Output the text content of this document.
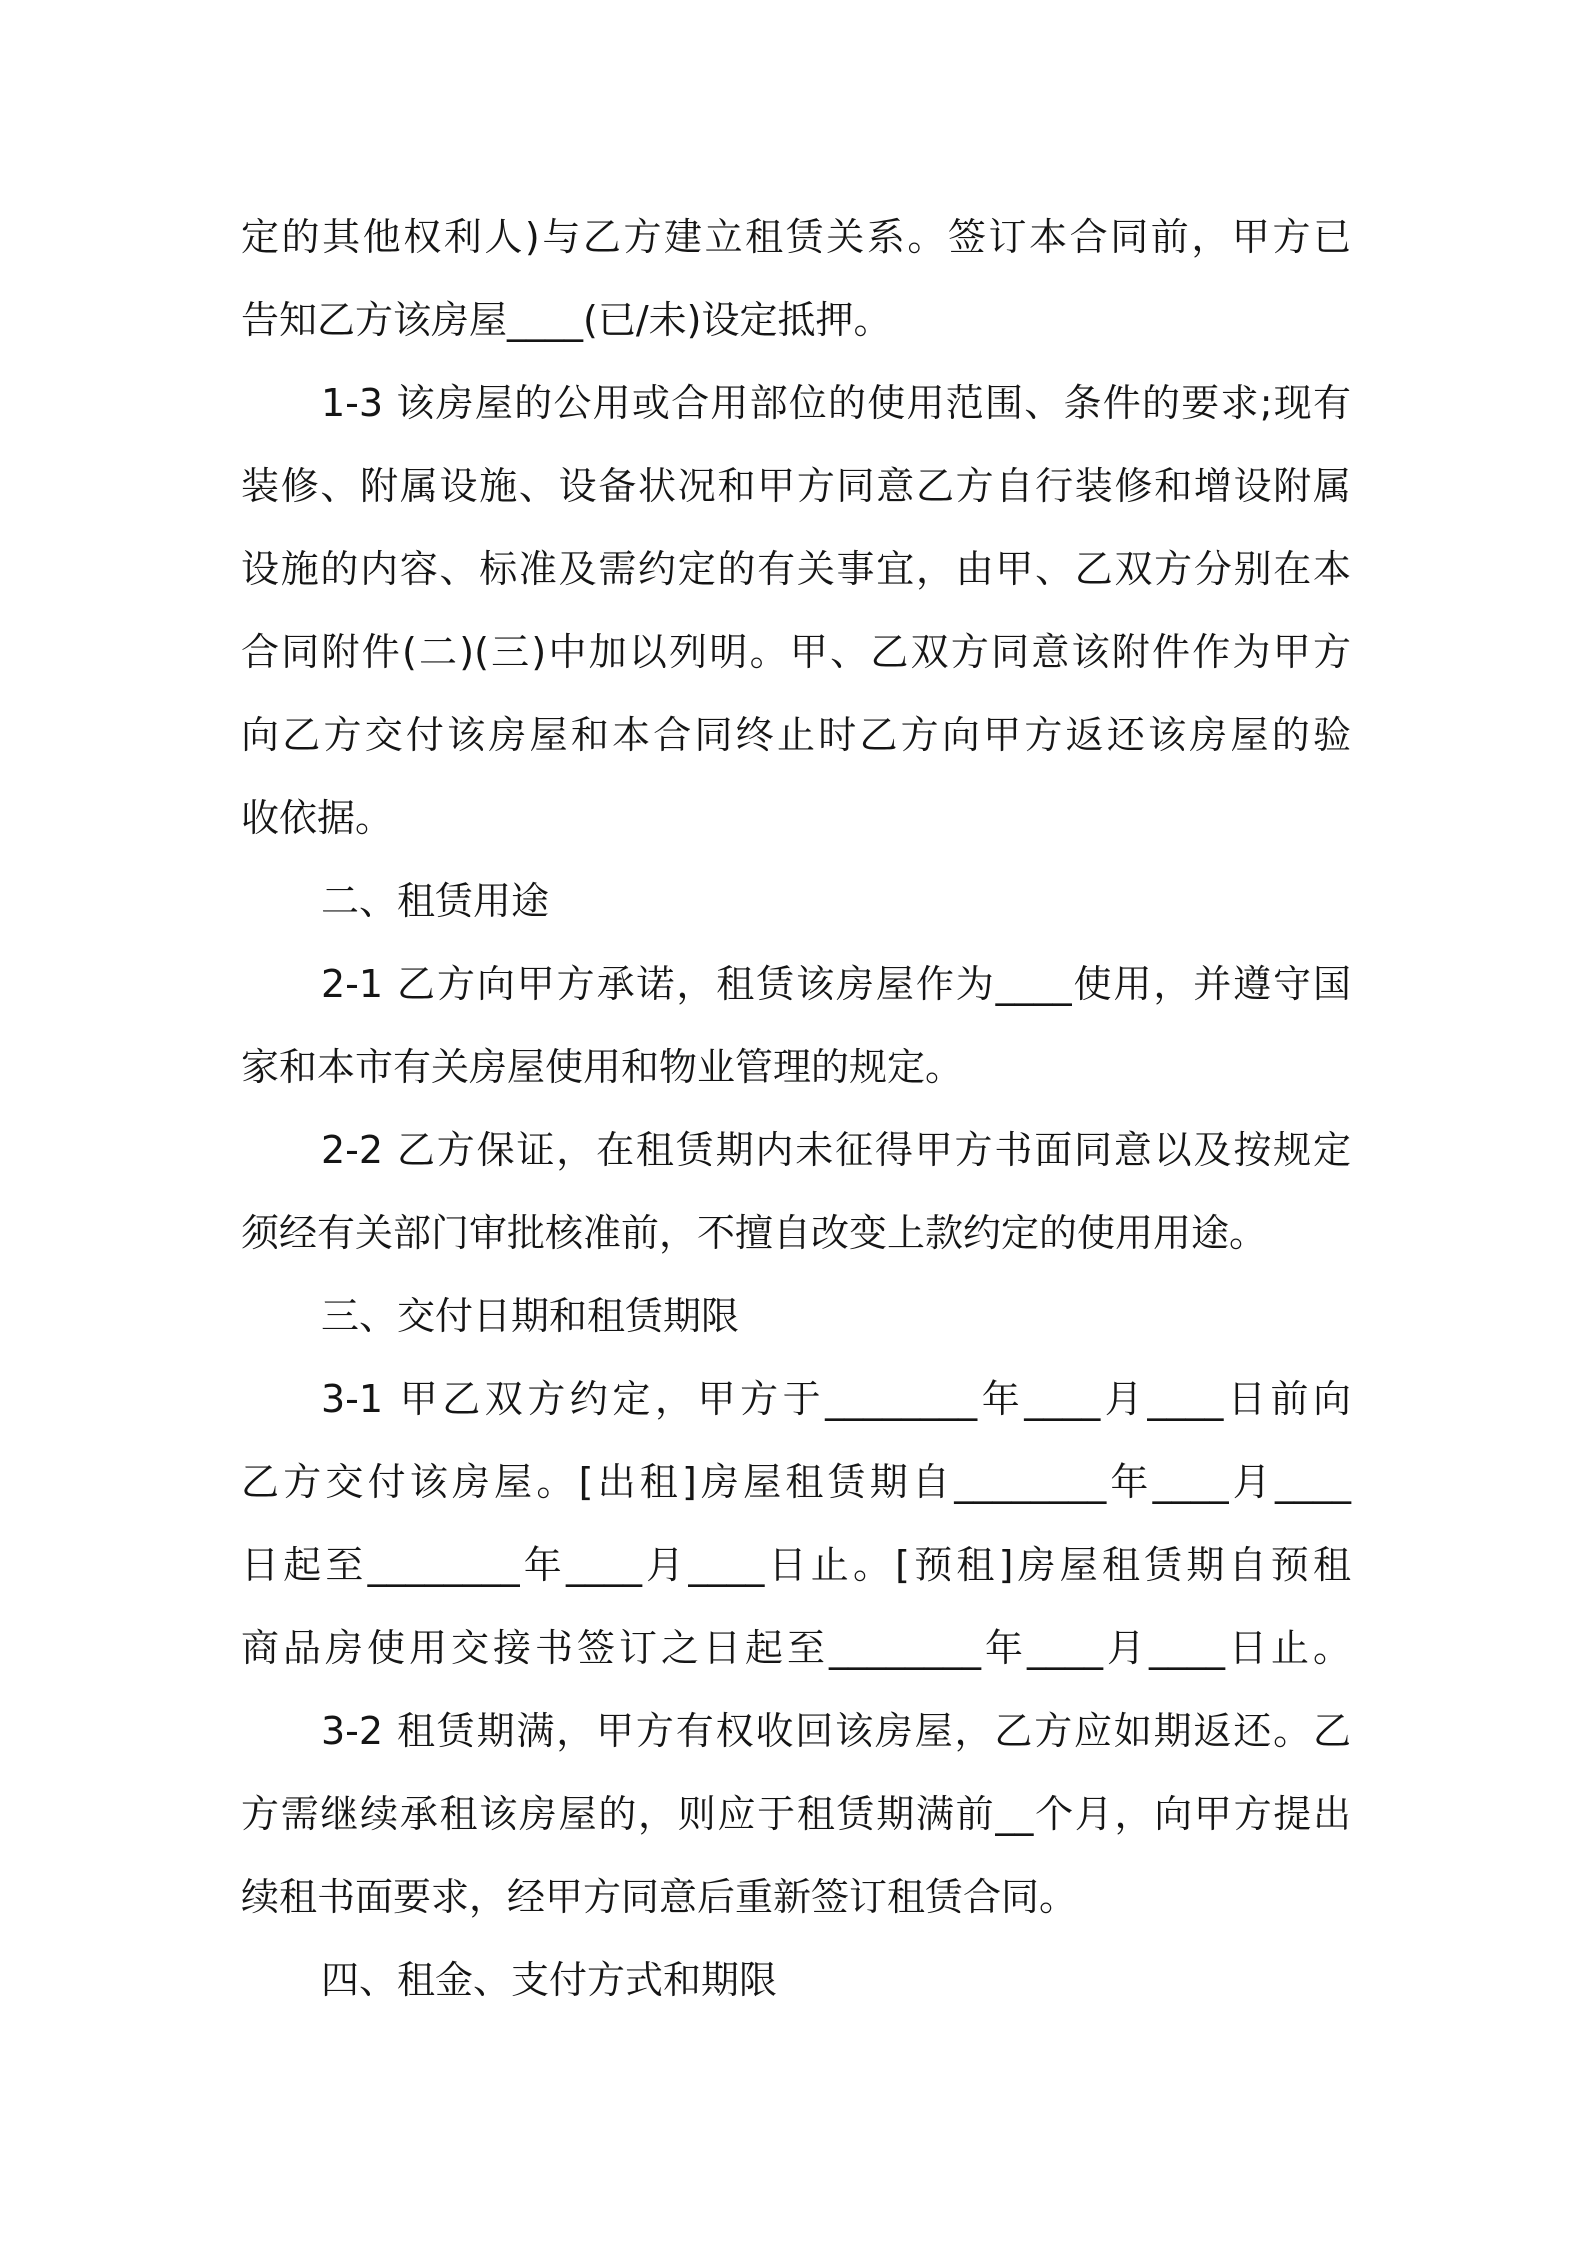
定的其他权利人)与乙方建立租赁关系。签订本合同前，甲方已
告知乙方该房屋____(已/未)设定抵押。
1-3 该房屋的公用或合用部位的使用范围、条件的要求;现有
装修、附属设施、设备状况和甲方同意乙方自行装修和增设附属
设施的内容、标准及需约定的有关事宜，由甲、乙双方分别在本
合同附件(二)(三)中加以列明。甲、乙双方同意该附件作为甲方
向乙方交付该房屋和本合同终止时乙方向甲方返还该房屋的验
收依据。
二、租赁用途
2-1 乙方向甲方承诺，租赁该房屋作为____使用，并遵守国
家和本市有关房屋使用和物业管理的规定。
2-2 乙方保证，在租赁期内未征得甲方书面同意以及按规定
须经有关部门审批核准前，不擅自改变上款约定的使用用途。
三、交付日期和租赁期限
3-1 甲乙双方约定，甲方于________年____月____日前向
乙方交付该房屋。[出租]房屋租赁期自________年____月____
日起至________年____月____日止。[预租]房屋租赁期自预租
商品房使用交接书签订之日起至________年____月____日止。
3-2 租赁期满，甲方有权收回该房屋，乙方应如期返还。乙
方需继续承租该房屋的，则应于租赁期满前__个月，向甲方提出
续租书面要求，经甲方同意后重新签订租赁合同。
四、租金、支付方式和期限
